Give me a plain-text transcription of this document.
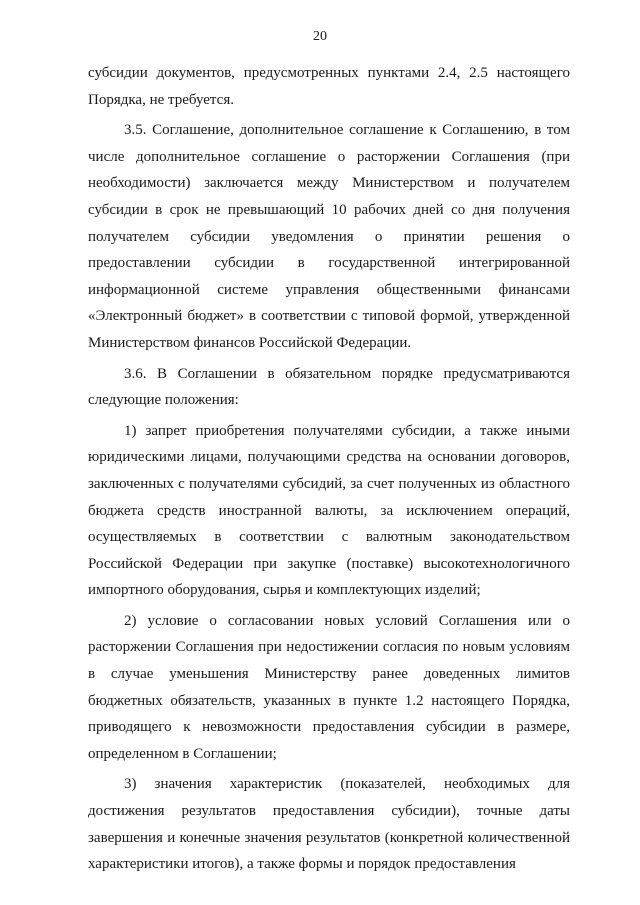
20

субсидии документов, предусмотренных пунктами 2.4, 2.5 настоящего Порядка, не требуется.

3.5. Соглашение, дополнительное соглашение к Соглашению, в том числе дополнительное соглашение о расторжении Соглашения (при необходимости) заключается между Министерством и получателем субсидии в срок не превышающий 10 рабочих дней со дня получения получателем субсидии уведомления о принятии решения о предоставлении субсидии в государственной интегрированной информационной системе управления общественными финансами «Электронный бюджет» в соответствии с типовой формой, утвержденной Министерством финансов Российской Федерации.

3.6. В Соглашении в обязательном порядке предусматриваются следующие положения:

1) запрет приобретения получателями субсидии, а также иными юридическими лицами, получающими средства на основании договоров, заключенных с получателями субсидий, за счет полученных из областного бюджета средств иностранной валюты, за исключением операций, осуществляемых в соответствии с валютным законодательством Российской Федерации при закупке (поставке) высокотехнологичного импортного оборудования, сырья и комплектующих изделий;

2) условие о согласовании новых условий Соглашения или о расторжении Соглашения при недостижении согласия по новым условиям в случае уменьшения Министерству ранее доведенных лимитов бюджетных обязательств, указанных в пункте 1.2 настоящего Порядка, приводящего к невозможности предоставления субсидии в размере, определенном в Соглашении;

3) значения характеристик (показателей, необходимых для достижения результатов предоставления субсидии), точные даты завершения и конечные значения результатов (конкретной количественной характеристики итогов), а также формы и порядок предоставления
